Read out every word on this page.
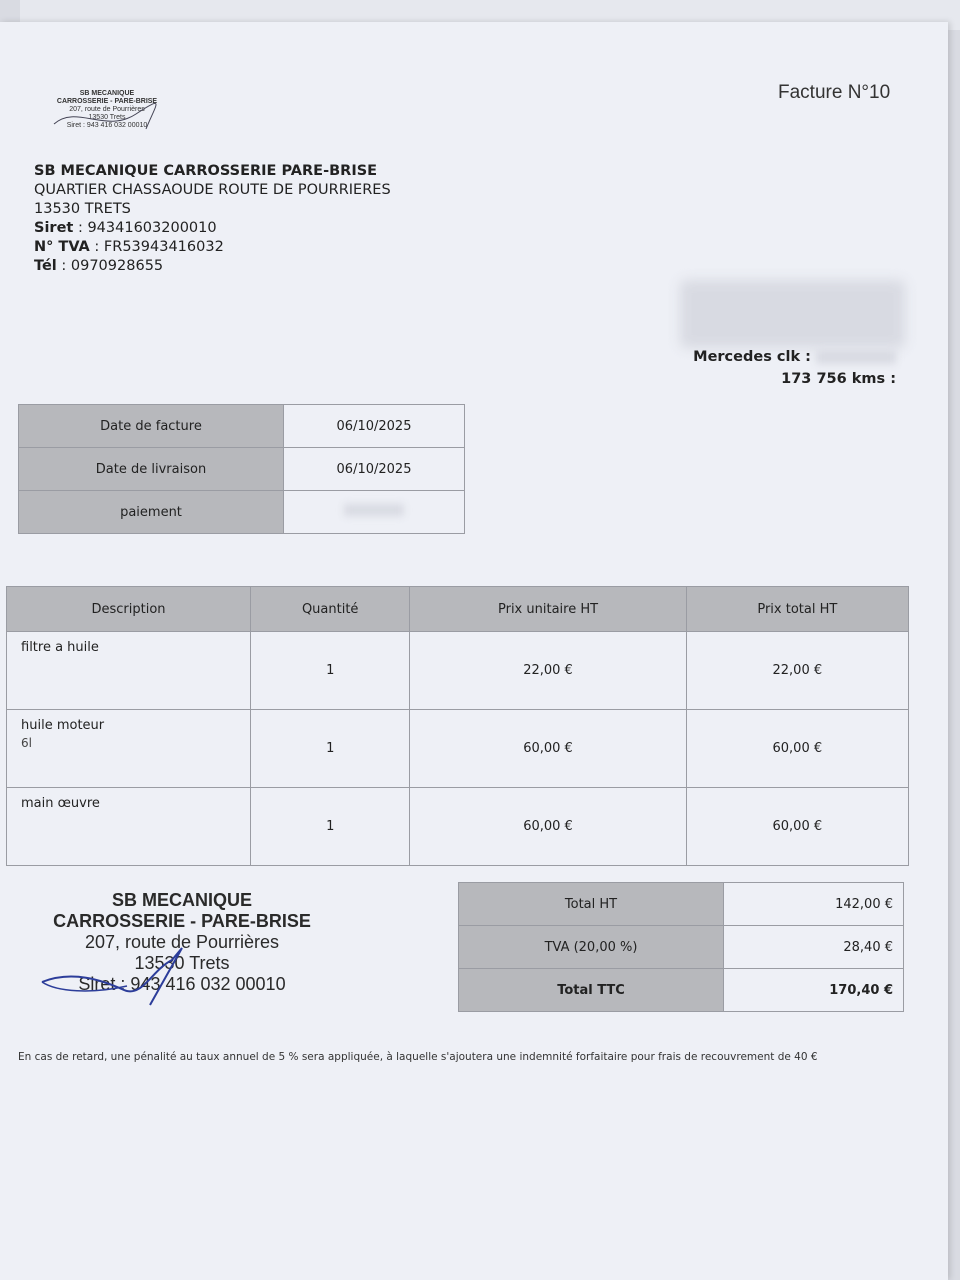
SB MECANIQUE
CARROSSERIE - PARE-BRISE
207, route de Pourrières
13530 Trets
Siret : 943 416 032 00010
Facture N°10
SB MECANIQUE CARROSSERIE PARE-BRISE
QUARTIER CHASSAOUDE ROUTE DE POURRIERES
13530 TRETS
Siret : 94341603200010
N° TVA : FR53943416032
Tél : 0970928655
Mercedes clk :
173 756 kms :
Date de facture	06/10/2025
Date de livraison	06/10/2025
paiement	
Description	Quantité	Prix unitaire HT	Prix total HT
filtre a huile	1	22,00 €	22,00 €
huile moteur
6l	1	60,00 €	60,00 €
main œuvre	1	60,00 €	60,00 €
SB MECANIQUE
CARROSSERIE - PARE-BRISE
207, route de Pourrières
13530 Trets
Siret : 943 416 032 00010
Total HT	142,00 €
TVA (20,00 %)	28,40 €
Total TTC	170,40 €
En cas de retard, une pénalité au taux annuel de 5 % sera appliquée, à laquelle s'ajoutera une indemnité forfaitaire pour frais de recouvrement de 40 €
